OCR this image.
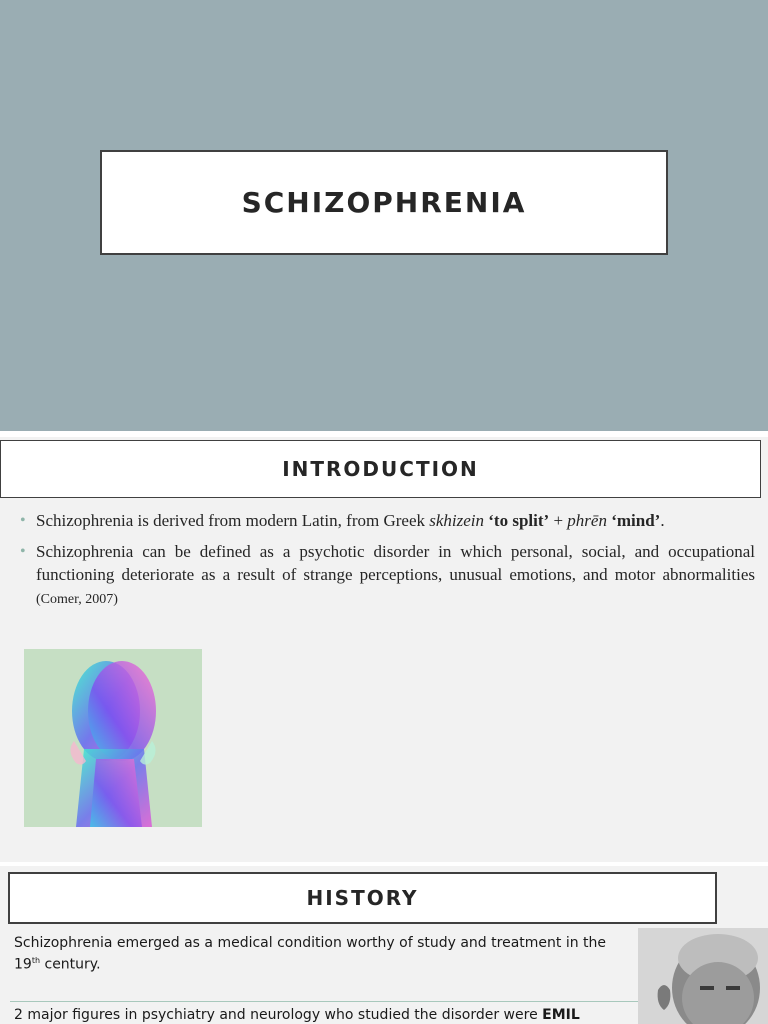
SCHIZOPHRENIA
INTRODUCTION
• Schizophrenia is derived from modern Latin, from Greek skhizein ‘to split’ + phrēn ‘mind’.
• Schizophrenia can be defined as a psychotic disorder in which personal, social, and occupational functioning deteriorate as a result of strange perceptions, unusual emotions, and motor abnormalities (Comer, 2007)
HISTORY
Schizophrenia emerged as a medical condition worthy of study and treatment in the 19th century.
2 major figures in psychiatry and neurology who studied the disorder were EMIL
